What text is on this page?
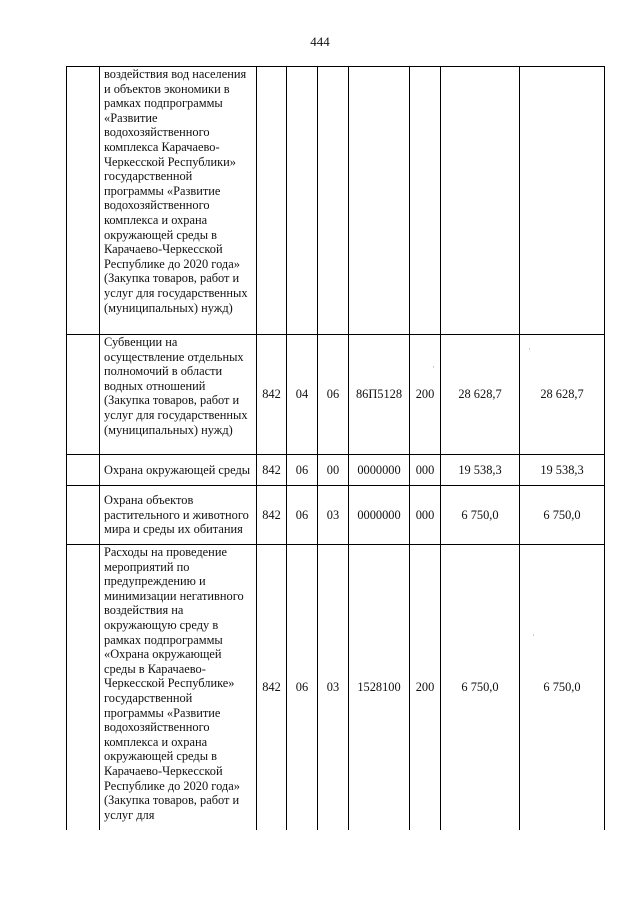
444
	воздействия вод населения и объектов экономики в рамках подпрограммы «Развитие водохозяйственного комплекса Карачаево-Черкесской Республики» государственной программы «Развитие водохозяйственного комплекса и охрана окружающей среды в Карачаево-Черкесской Республике до 2020 года» (Закупка товаров, работ и услуг для государственных (муниципальных) нужд)							
	Субвенции на осуществление отдельных полномочий в области водных отношений (Закупка товаров, работ и услуг для государственных (муниципальных) нужд)	842	04	06	86П5128	200	28 628,7	28 628,7
	Охрана окружающей среды	842	06	00	0000000	000	19 538,3	19 538,3
	Охрана объектов растительного и животного мира и среды их обитания	842	06	03	0000000	000	6 750,0	6 750,0
	Расходы на проведение мероприятий по предупреждению и минимизации негативного воздействия на окружающую среду в рамках подпрограммы «Охрана окружающей среды в Карачаево-Черкесской Республике» государственной программы «Развитие водохозяйственного комплекса и охрана окружающей среды в Карачаево-Черкесской Республике до 2020 года» (Закупка товаров, работ и услуг для	842	06	03	1528100	200	6 750,0	6 750,0
·
·
·
